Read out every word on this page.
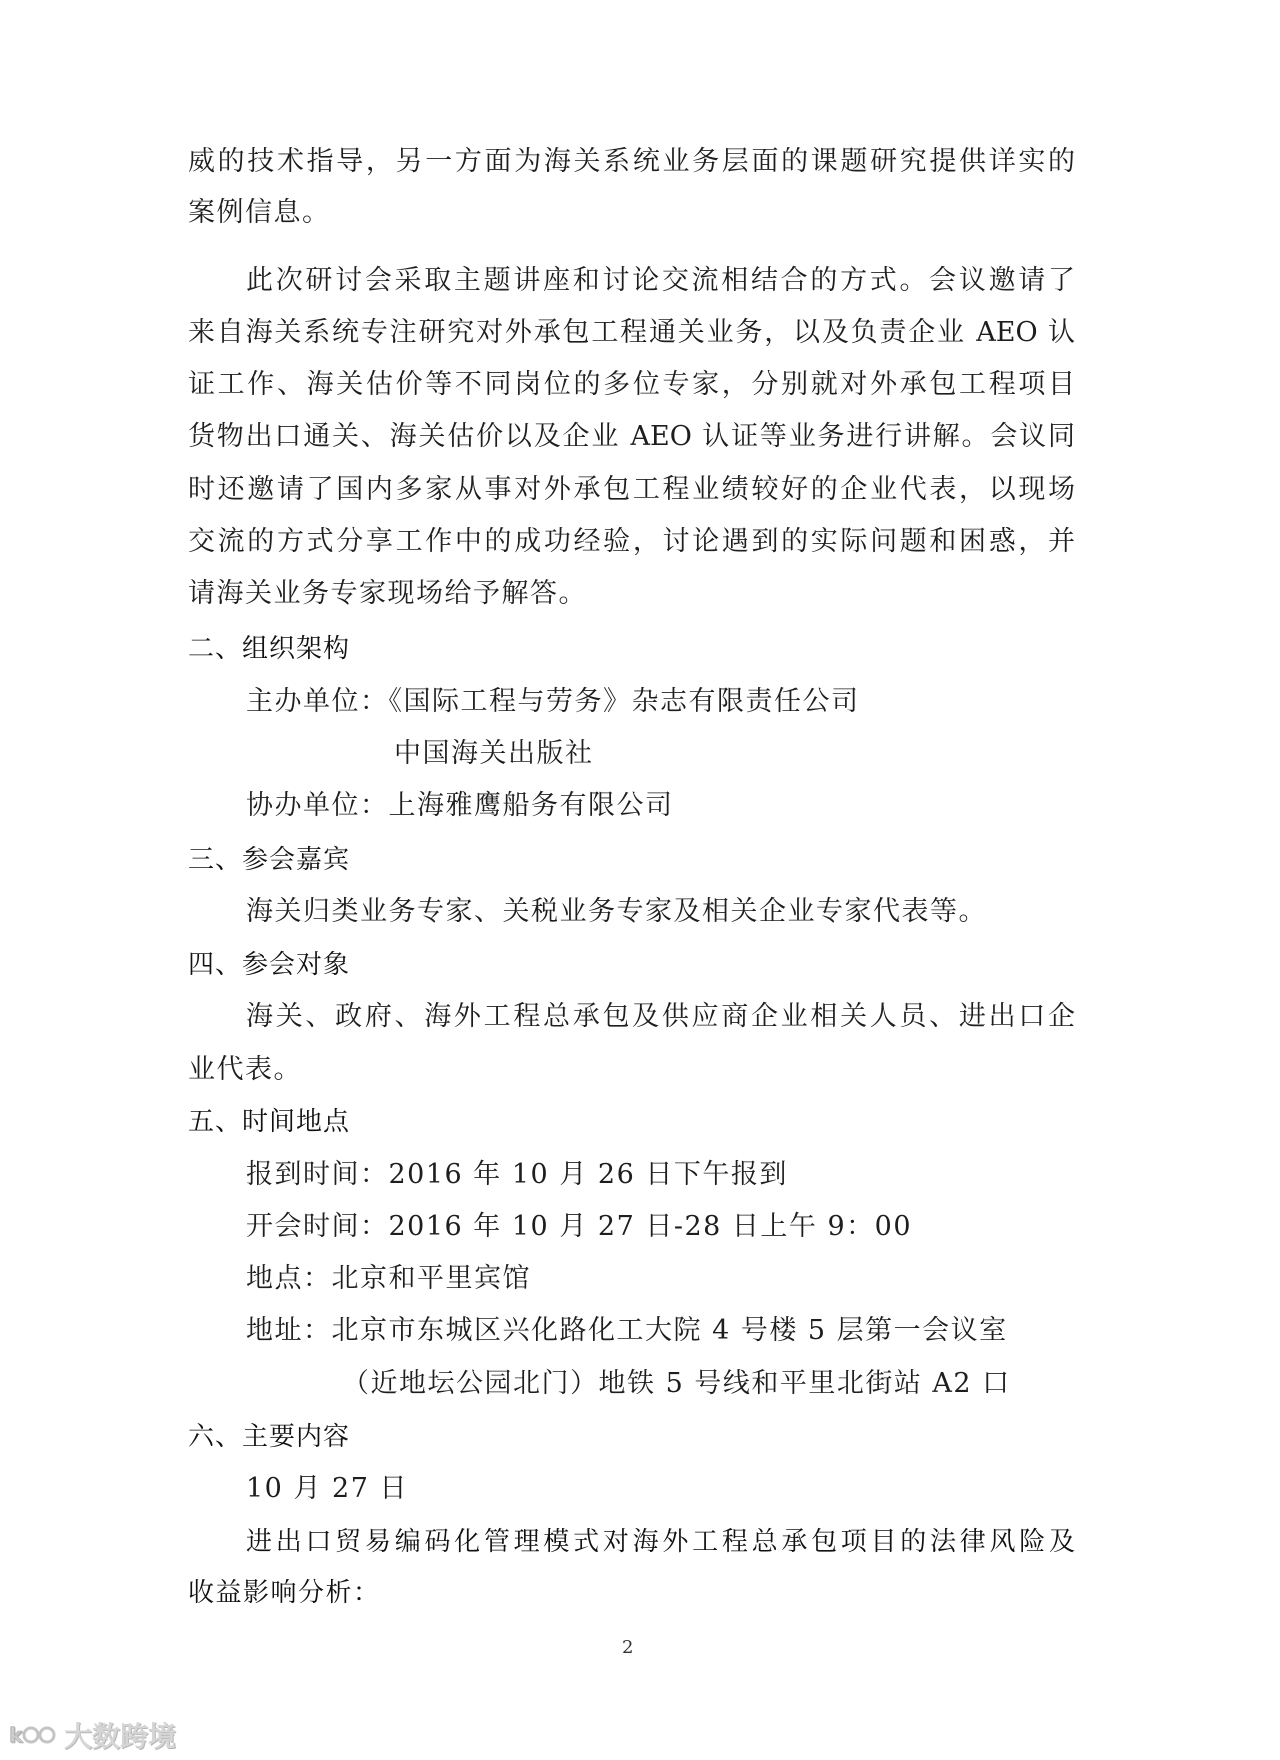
威的技术指导，另一方面为海关系统业务层面的课题研究提供详实的
案例信息。
此次研讨会采取主题讲座和讨论交流相结合的方式。会议邀请了
来自海关系统专注研究对外承包工程通关业务，以及负责企业 AEO 认
证工作、海关估价等不同岗位的多位专家，分别就对外承包工程项目
货物出口通关、海关估价以及企业 AEO 认证等业务进行讲解。会议同
时还邀请了国内多家从事对外承包工程业绩较好的企业代表，以现场
交流的方式分享工作中的成功经验，讨论遇到的实际问题和困惑，并
请海关业务专家现场给予解答。
二、组织架构
主办单位：《国际工程与劳务》杂志有限责任公司
中国海关出版社
协办单位：上海雅鹰船务有限公司
三、参会嘉宾
海关归类业务专家、关税业务专家及相关企业专家代表等。
四、参会对象
海关、政府、海外工程总承包及供应商企业相关人员、进出口企
业代表。
五、时间地点
报到时间：2016 年 10 月 26 日下午报到
开会时间：2016 年 10 月 27 日-28 日上午 9：00
地点：北京和平里宾馆
地址：北京市东城区兴化路化工大院 4 号楼 5 层第一会议室
（近地坛公园北门）地铁 5 号线和平里北街站 A2 口
六、主要内容
10 月 27 日
进出口贸易编码化管理模式对海外工程总承包项目的法律风险及
收益影响分析：
2
k 大数跨境
